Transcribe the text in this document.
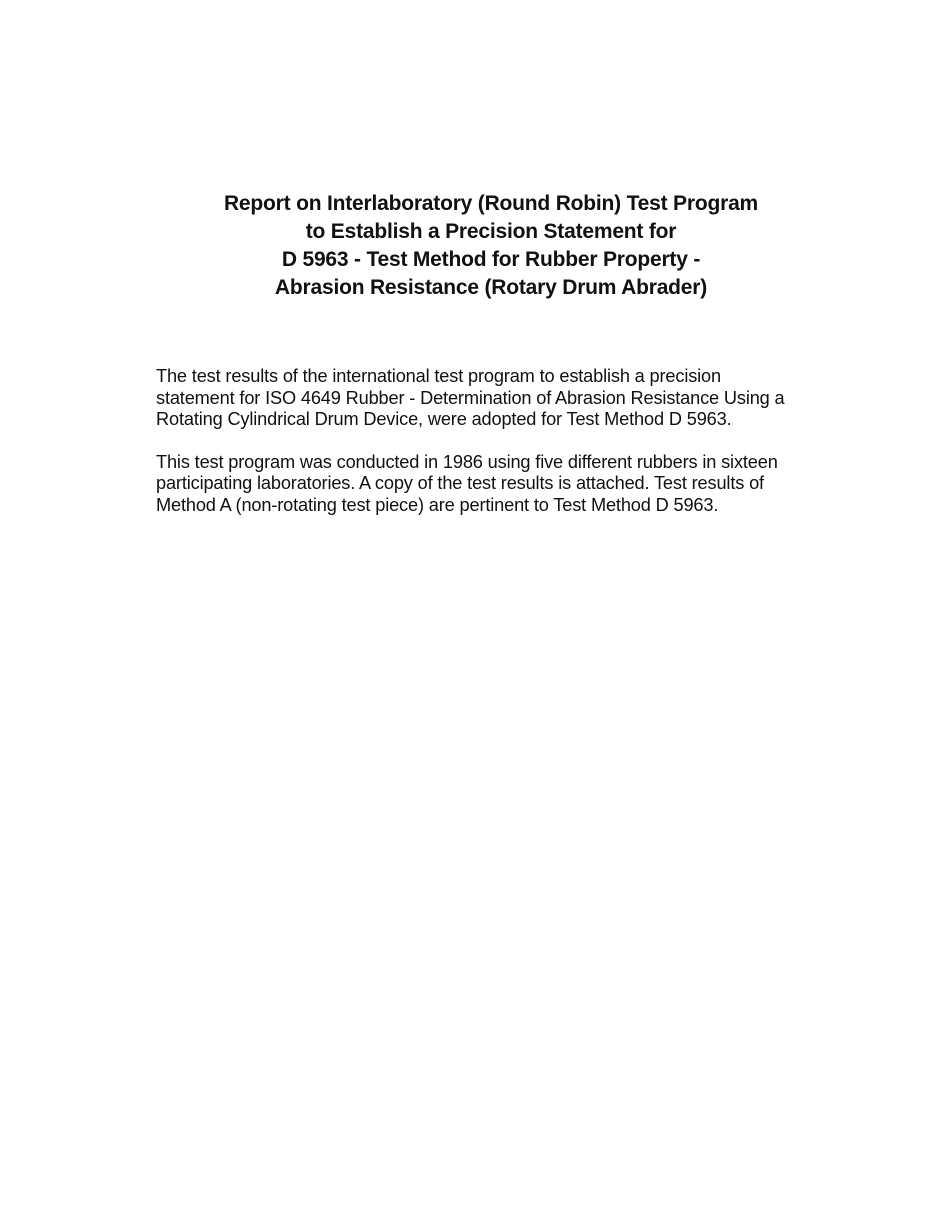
Report on Interlaboratory (Round Robin) Test Program
to Establish a Precision Statement for
D 5963 - Test Method for Rubber Property -
Abrasion Resistance (Rotary Drum Abrader)

The test results of the international test program to establish a precision
statement for ISO 4649 Rubber - Determination of Abrasion Resistance Using a
Rotating Cylindrical Drum Device, were adopted for Test Method D 5963.

This test program was conducted in 1986 using five different rubbers in sixteen
participating laboratories. A copy of the test results is attached. Test results of
Method A (non-rotating test piece) are pertinent to Test Method D 5963.
